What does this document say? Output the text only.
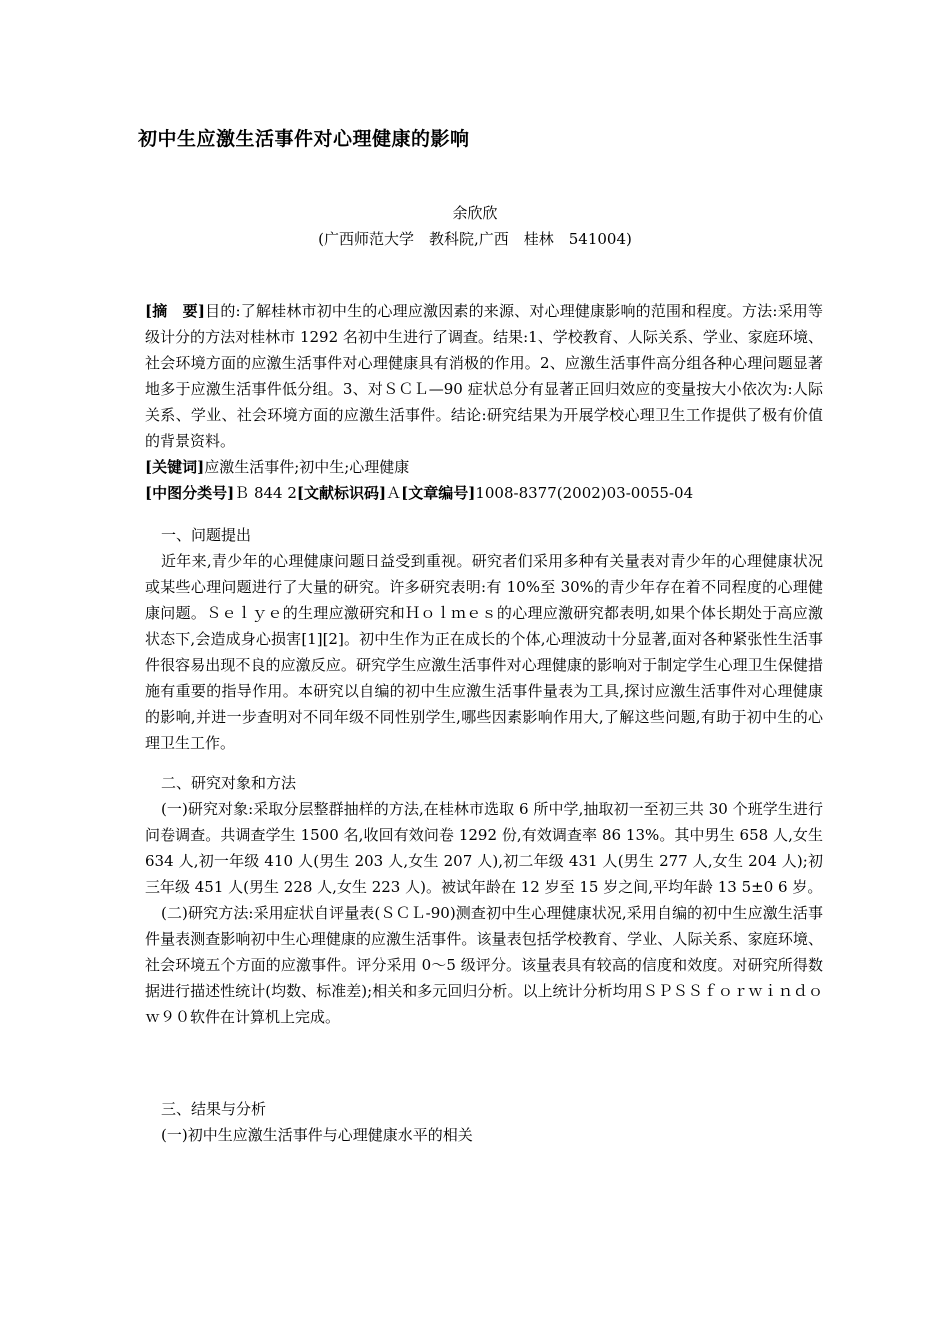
初中生应激生活事件对心理健康的影响
余欣欣
(广西师范大学　教科院,广西　桂林　541004)

[摘　要]目的:了解桂林市初中生的心理应激因素的来源、对心理健康影响的范围和程度。方法:采用等级计分的方法对桂林市 1292 名初中生进行了调查。结果:1、学校教育、人际关系、学业、家庭环境、社会环境方面的应激生活事件对心理健康具有消极的作用。2、应激生活事件高分组各种心理问题显著地多于应激生活事件低分组。3、对ＳＣＬ—90 症状总分有显著正回归效应的变量按大小依次为:人际关系、学业、社会环境方面的应激生活事件。结论:研究结果为开展学校心理卫生工作提供了极有价值的背景资料。

[关键词]应激生活事件;初中生;心理健康

[中图分类号]Ｂ 844 2[文献标识码]Ａ[文章编号]1008-8377(2002)03-0055-04

一、问题提出

近年来,青少年的心理健康问题日益受到重视。研究者们采用多种有关量表对青少年的心理健康状况或某些心理问题进行了大量的研究。许多研究表明:有 10%至 30%的青少年存在着不同程度的心理健康问题。Ｓｅｌｙｅ的生理应激研究和Ｈｏｌｍｅｓ的心理应激研究都表明,如果个体长期处于高应激状态下,会造成身心损害[1][2]。初中生作为正在成长的个体,心理波动十分显著,面对各种紧张性生活事件很容易出现不良的应激反应。研究学生应激生活事件对心理健康的影响对于制定学生心理卫生保健措施有重要的指导作用。本研究以自编的初中生应激生活事件量表为工具,探讨应激生活事件对心理健康的影响,并进一步查明对不同年级不同性别学生,哪些因素影响作用大,了解这些问题,有助于初中生的心理卫生工作。

二、研究对象和方法

(一)研究对象:采取分层整群抽样的方法,在桂林市选取 6 所中学,抽取初一至初三共 30 个班学生进行问卷调查。共调查学生 1500 名,收回有效问卷 1292 份,有效调查率 86 13%。其中男生 658 人,女生 634 人,初一年级 410 人(男生 203 人,女生 207 人),初二年级 431 人(男生 277 人,女生 204 人);初三年级 451 人(男生 228 人,女生 223 人)。被试年龄在 12 岁至 15 岁之间,平均年龄 13 5±0 6 岁。

(二)研究方法:采用症状自评量表(ＳＣＬ-90)测查初中生心理健康状况,采用自编的初中生应激生活事件量表测查影响初中生心理健康的应激生活事件。该量表包括学校教育、学业、人际关系、家庭环境、社会环境五个方面的应激事件。评分采用 0～5 级评分。该量表具有较高的信度和效度。对研究所得数据进行描述性统计(均数、标准差);相关和多元回归分析。以上统计分析均用ＳＰＳＳｆｏｒｗｉｎｄｏｗ９０软件在计算机上完成。

三、结果与分析

(一)初中生应激生活事件与心理健康水平的相关
